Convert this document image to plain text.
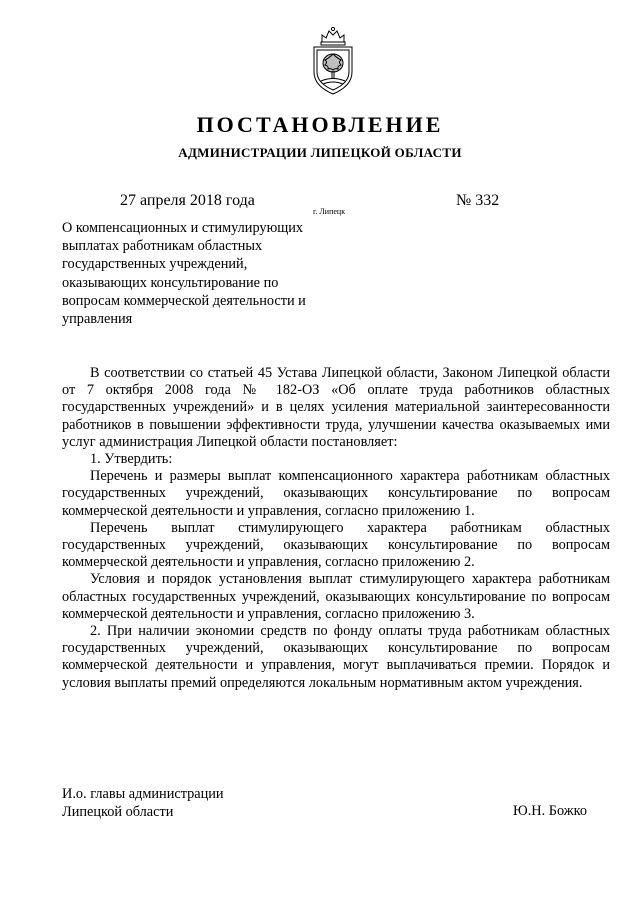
ПОСТАНОВЛЕНИЕ
АДМИНИСТРАЦИИ ЛИПЕЦКОЙ ОБЛАСТИ
27 апреля 2018 года
г. Липецк
№ 332
О компенсационных и стимулирующих выплатах работникам областных государственных учреждений, оказывающих консультирование по вопросам коммерческой деятельности и управления

В соответствии со статьей 45 Устава Липецкой области, Законом Липецкой области от 7 октября 2008 года № 182-ОЗ «Об оплате труда работников областных государственных учреждений» и в целях усиления материальной заинтересованности работников в повышении эффективности труда, улучшении качества оказываемых ими услуг администрация Липецкой области постановляет:

1. Утвердить:

Перечень и размеры выплат компенсационного характера работникам областных государственных учреждений, оказывающих консультирование по вопросам коммерческой деятельности и управления, согласно приложению 1.

Перечень выплат стимулирующего характера работникам областных государственных учреждений, оказывающих консультирование по вопросам коммерческой деятельности и управления, согласно приложению 2.

Условия и порядок установления выплат стимулирующего характера работникам областных государственных учреждений, оказывающих консультирование по вопросам коммерческой деятельности и управления, согласно приложению 3.

2. При наличии экономии средств по фонду оплаты труда работникам областных государственных учреждений, оказывающих консультирование по вопросам коммерческой деятельности и управления, могут выплачиваться премии. Порядок и условия выплаты премий определяются локальным нормативным актом учреждения.

И.о. главы администрации
Липецкой области	Ю.Н. Божко
